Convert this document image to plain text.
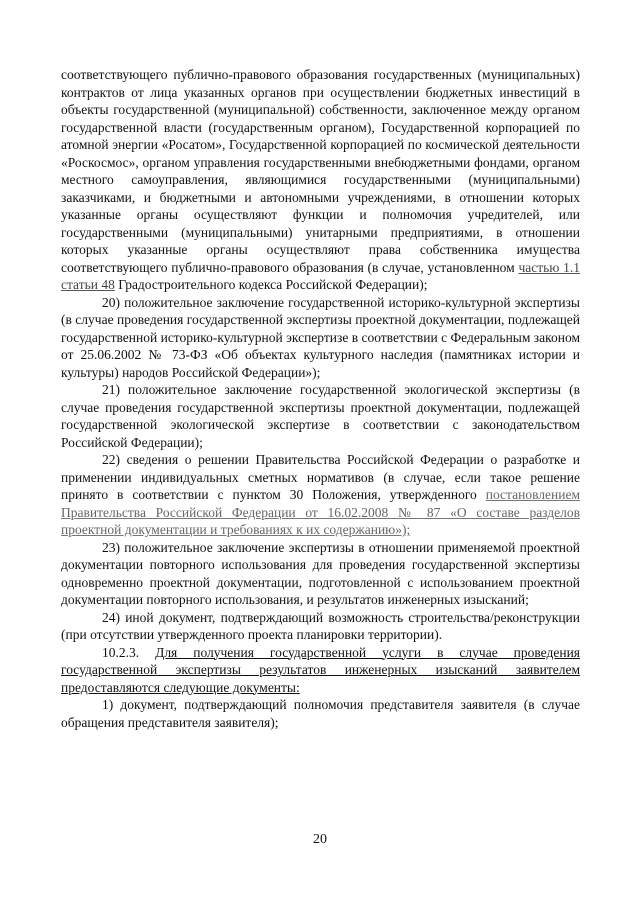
соответствующего публично-правового образования государственных (муниципальных) контрактов от лица указанных органов при осуществлении бюджетных инвестиций в объекты государственной (муниципальной) собственности, заключенное между органом государственной власти (государственным органом), Государственной корпорацией по атомной энергии «Росатом», Государственной корпорацией по космической деятельности «Роскосмос», органом управления государственными внебюджетными фондами, органом местного самоуправления, являющимися государственными (муниципальными) заказчиками, и бюджетными и автономными учреждениями, в отношении которых указанные органы осуществляют функции и полномочия учредителей, или государственными (муниципальными) унитарными предприятиями, в отношении которых указанные органы осуществляют права собственника имущества соответствующего публично-правового образования (в случае, установленном частью 1.1 статьи 48 Градостроительного кодекса Российской Федерации);

20) положительное заключение государственной историко-культурной экспертизы (в случае проведения государственной экспертизы проектной документации, подлежащей государственной историко-культурной экспертизе в соответствии с Федеральным законом от 25.06.2002 № 73-ФЗ «Об объектах культурного наследия (памятниках истории и культуры) народов Российской Федерации»);

21) положительное заключение государственной экологической экспертизы (в случае проведения государственной экспертизы проектной документации, подлежащей государственной экологической экспертизе в соответствии с законодательством Российской Федерации);

22) сведения о решении Правительства Российской Федерации о разработке и применении индивидуальных сметных нормативов (в случае, если такое решение принято в соответствии с пунктом 30 Положения, утвержденного постановлением Правительства Российской Федерации от 16.02.2008 № 87 «О составе разделов проектной документации и требованиях к их содержанию»);

23) положительное заключение экспертизы в отношении применяемой проектной документации повторного использования для проведения государственной экспертизы одновременно проектной документации, подготовленной с использованием проектной документации повторного использования, и результатов инженерных изысканий;

24) иной документ, подтверждающий возможность строительства/реконструкции (при отсутствии утвержденного проекта планировки территории).

10.2.3. Для получения государственной услуги в случае проведения государственной экспертизы результатов инженерных изысканий заявителем предоставляются следующие документы:

1) документ, подтверждающий полномочия представителя заявителя (в случае обращения представителя заявителя);

20
